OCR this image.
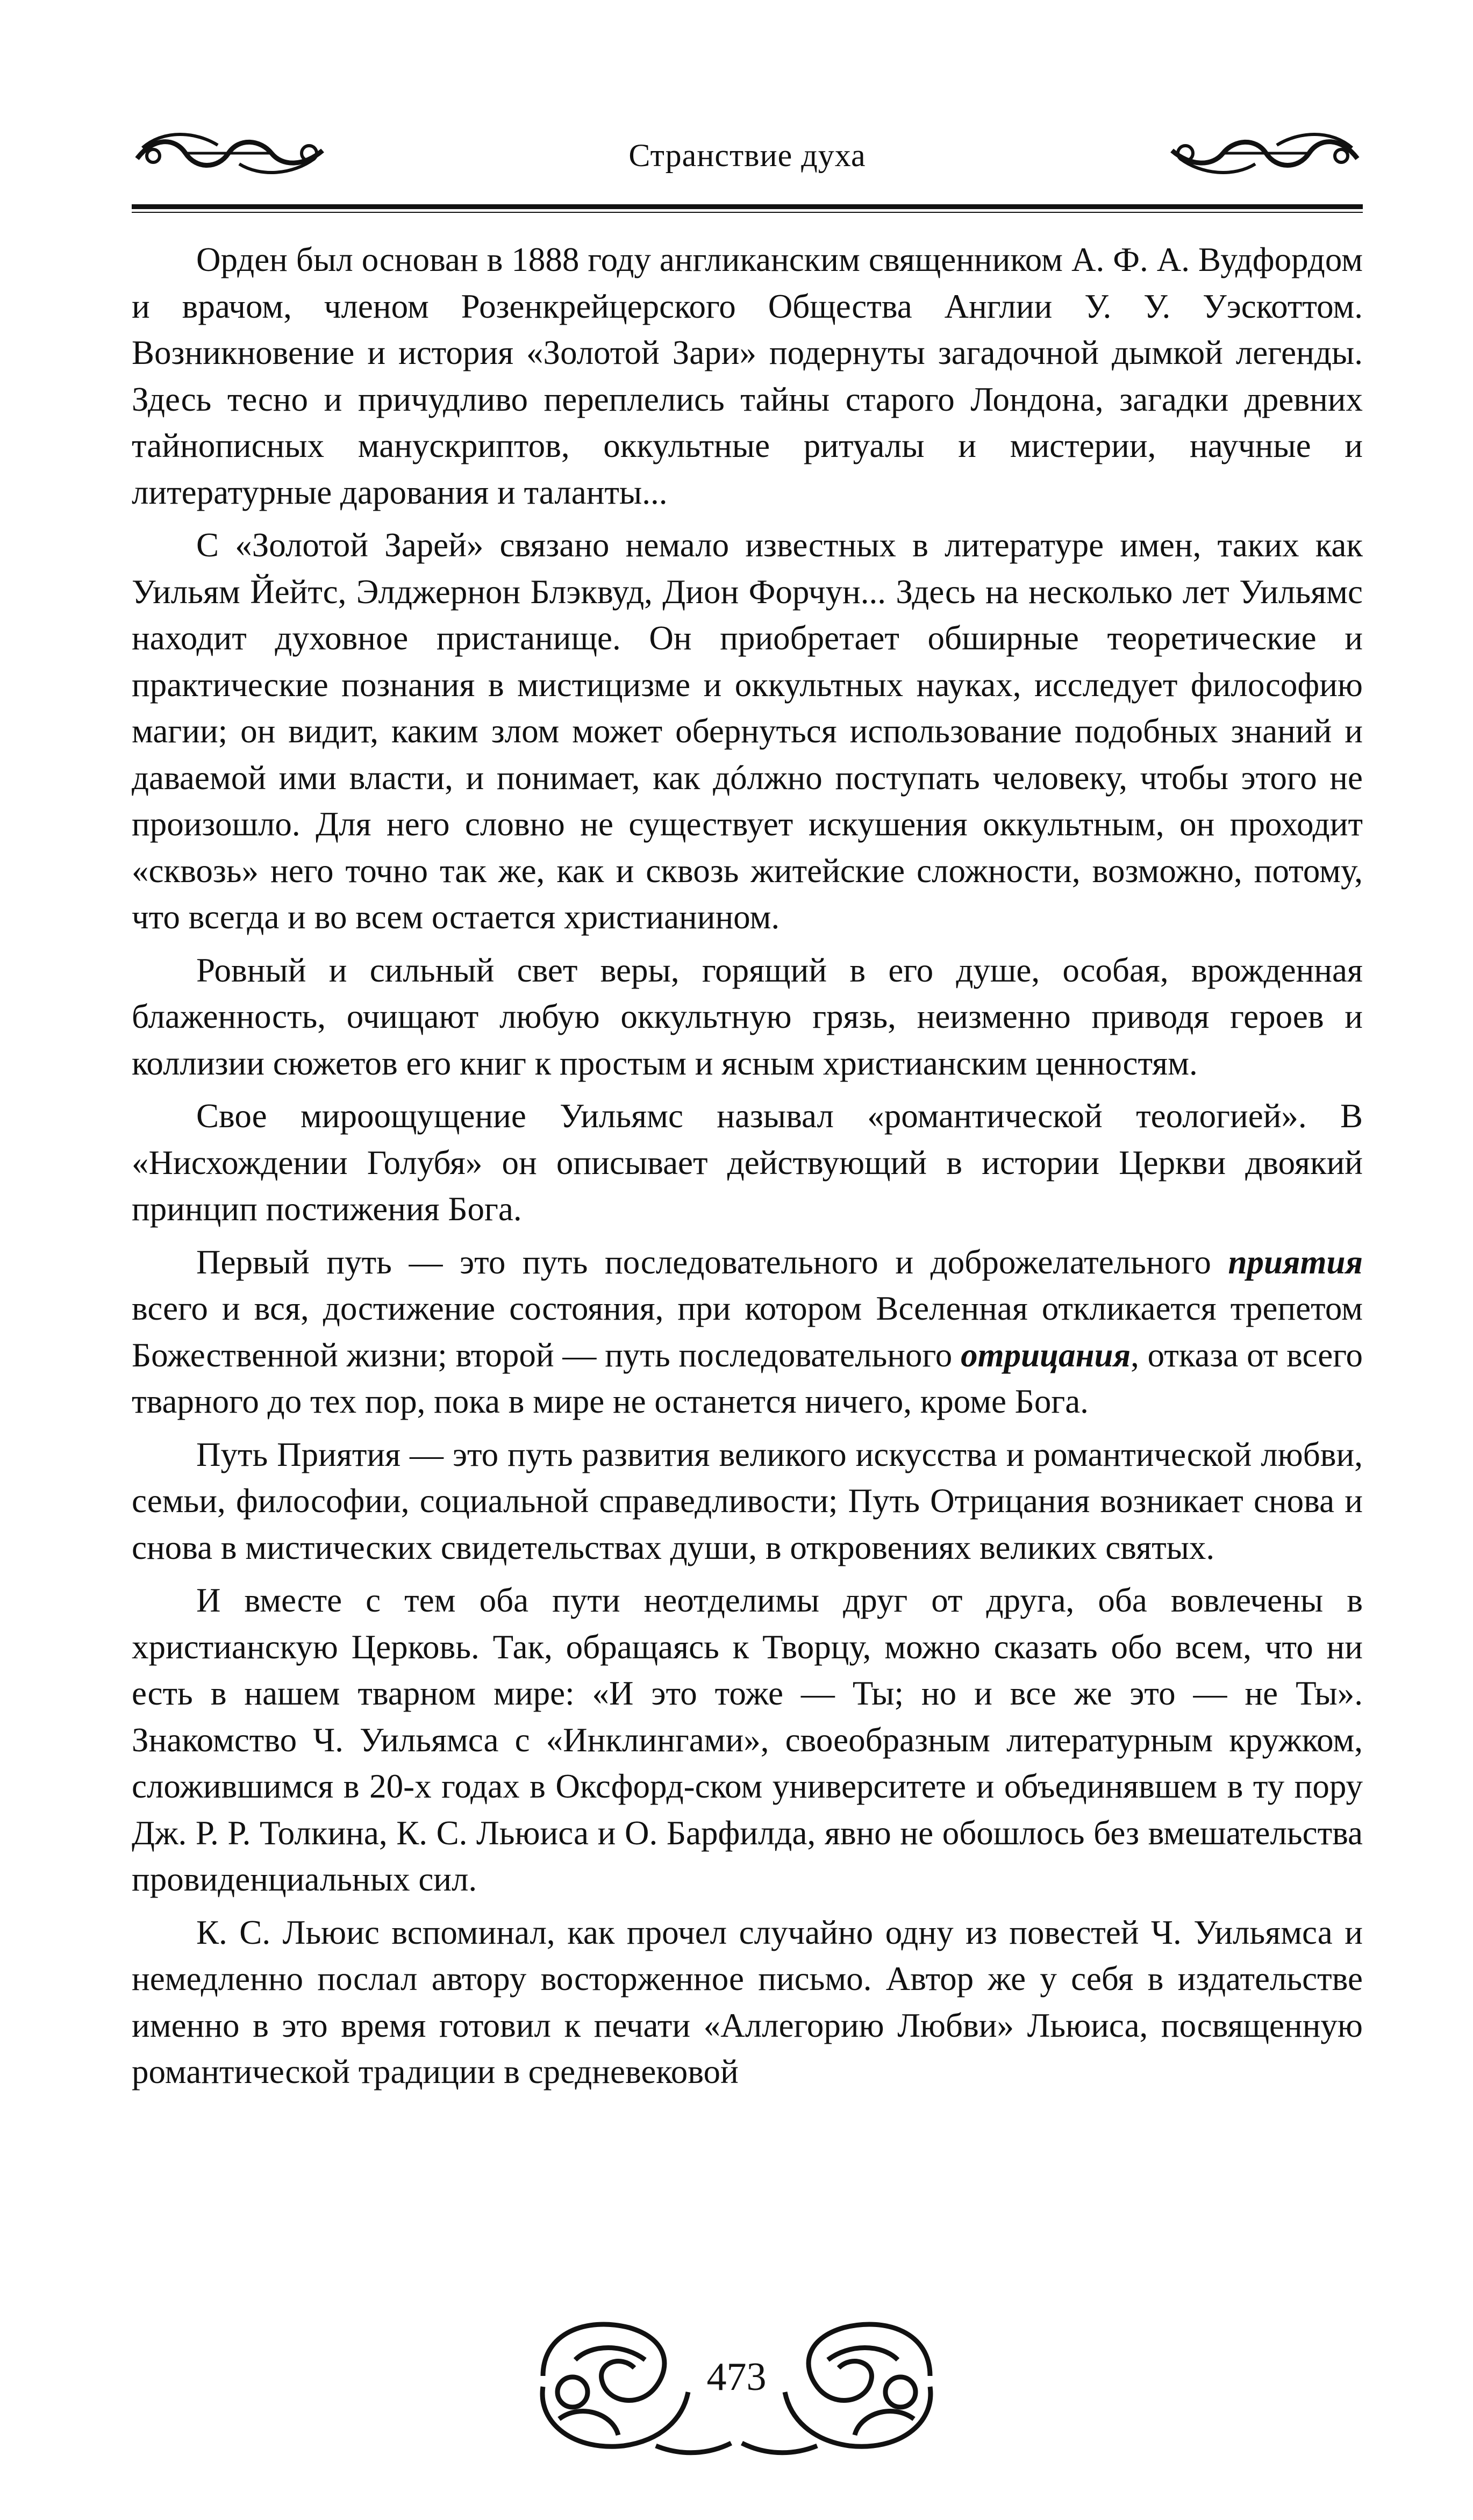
Странствие духа

Орден был основан в 1888 году англиканским священником А. Ф. А. Вудфордом и врачом, членом Розенкрейцерского Общества Англии У. У. Уэскоттом. Возникновение и история «Золотой Зари» подернуты загадочной дымкой легенды. Здесь тесно и причудливо переплелись тайны старого Лондона, загадки древних тайнописных манускриптов, оккультные ритуалы и мистерии, научные и литературные дарования и таланты...

С «Золотой Зарей» связано немало известных в литературе имен, таких как Уильям Йейтс, Элджернон Блэквуд, Дион Форчун... Здесь на несколько лет Уильямс находит духовное пристанище. Он приобретает обширные теоретические и практические познания в мистицизме и оккультных науках, исследует философию магии; он видит, каким злом может обернуться использование подобных знаний и даваемой ими власти, и понимает, как дóлжно поступать человеку, чтобы этого не произошло. Для него словно не существует искушения оккультным, он проходит «сквозь» него точно так же, как и сквозь житейские сложности, возможно, потому, что всегда и во всем остается христианином.

Ровный и сильный свет веры, горящий в его душе, особая, врожденная блаженность, очищают любую оккультную грязь, неизменно приводя героев и коллизии сюжетов его книг к простым и ясным христианским ценностям.

Свое мироощущение Уильямс называл «романтической теологией». В «Нисхождении Голубя» он описывает действующий в истории Церкви двоякий принцип постижения Бога.

Первый путь — это путь последовательного и доброжелательного приятия всего и вся, достижение состояния, при котором Вселенная откликается трепетом Божественной жизни; второй — путь последовательного отрицания, отказа от всего тварного до тех пор, пока в мире не останется ничего, кроме Бога.

Путь Приятия — это путь развития великого искусства и романтической любви, семьи, философии, социальной справедливости; Путь Отрицания возникает снова и снова в мистических свидетельствах души, в откровениях великих святых.

И вместе с тем оба пути неотделимы друг от друга, оба вовлечены в христианскую Церковь. Так, обращаясь к Творцу, можно сказать обо всем, что ни есть в нашем тварном мире: «И это тоже — Ты; но и все же это — не Ты». Знакомство Ч. Уильямса с «Инклингами», своеобразным литературным кружком, сложившимся в 20-х годах в Оксфорд-ском университете и объединявшем в ту пору Дж. Р. Р. Толкина, К. С. Льюиса и О. Барфилда, явно не обошлось без вмешательства провиденциальных сил.

К. С. Льюис вспоминал, как прочел случайно одну из повестей Ч. Уильямса и немедленно послал автору восторженное письмо. Автор же у себя в издательстве именно в это время готовил к печати «Аллегорию Любви» Льюиса, посвященную романтической традиции в средневековой

473
